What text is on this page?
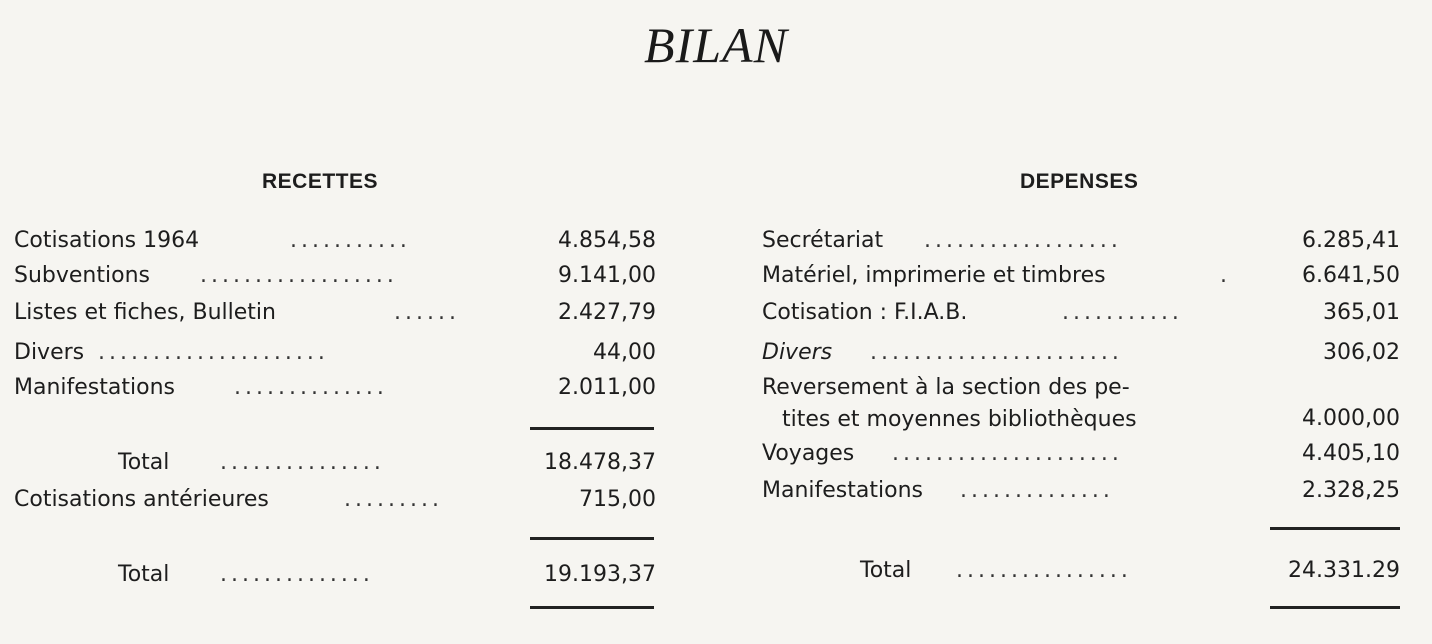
BILAN
RECETTES
Cotisations 1964	...........	4.854,58
Subventions ..................	9.141,00
Listes et fiches, Bulletin	......	2.427,79
Divers .....................	44,00
Manifestations	..............	2.011,00
Total ...............	18.478,37
Cotisations antérieures	.........	715,00
Total ..............	19.193,37
DEPENSES
Secrétariat ..................	6.285,41
Matériel, imprimerie et timbres	.	6.641,50
Cotisation : F.I.A.B.	...........	365,01
Divers .......................	306,02
Reversement à la section des pe-
tites et moyennes bibliothèques	4.000,00
Voyages .....................	4.405,10
Manifestations ..............	2.328,25
Total ................	24.331.29
